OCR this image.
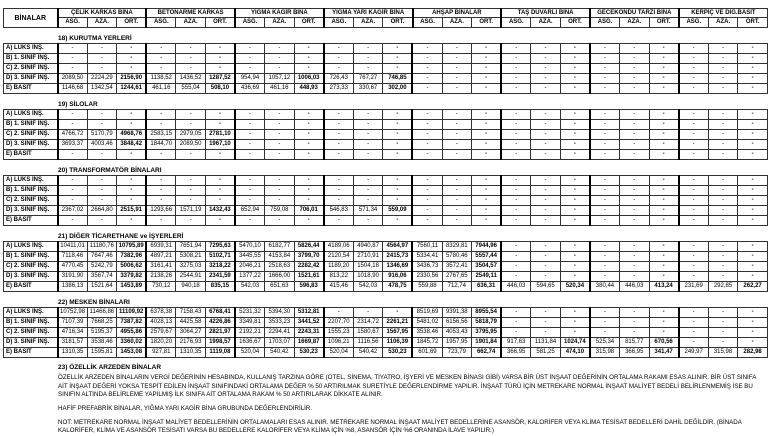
BİNALAR	ÇELİK KARKAS BİNA			BETONARME KARKAS			YIĞMA KAGİR BİNA			YIĞMA YARI KAGİR BİNA			AHŞAP BİNALAR			TAŞ DUVARLI BİNA			GECEKONDU TARZI BİNA			KERPİÇ VE DİĞ.BASİT		
	ASG.	AZA.	ORT.	ASG.	AZA.	ORT.	ASG.	AZA.	ORT.	ASG.	AZA.	ORT.	ASG.	AZA.	ORT.	ASG.	AZA.	ORT.	ASG.	AZA.	ORT.	ASG.	AZA.	ORT.
18) KURUTMA YERLERİ
A) LÜKS İNŞ.	-	-	-	-	-	-	-	-	-	-	-	-	-	-	-	-	-	-	-	-	-	-	-	-
B) 1. SINIF İNŞ.	-	-	-	-	-	-	-	-	-	-	-	-	-	-	-	-	-	-	-	-	-	-	-	-
C) 2. SINIF İNŞ.	-	-	-	-	-	-	-	-	-	-	-	-	-	-	-	-	-	-	-	-	-	-	-	-
D) 3. SINIF İNŞ.	2089,50	2224,29	2156,90	1138,52	1436,52	1287,52	954,94	1057,12	1006,03	726,43	767,27	746,85	-	-	-	-	-	-	-	-	-	-	-	-
E) BASİT	1146,68	1342,54	1244,61	461,16	555,04	508,10	436,69	461,16	448,93	273,33	330,67	302,00	-	-	-	-	-	-	-	-	-	-	-	-
19) SİLOLAR
A) LÜKS İNŞ.	-	-	-	-	-	-	-	-	-	-	-	-	-	-	-	-	-	-	-	-	-	-	-	-
B) 1. SINIF İNŞ.	-	-	-	-	-	-	-	-	-	-	-	-	-	-	-	-	-	-	-	-	-	-	-	-
C) 2. SINIF İNŞ.	4766,72	5170,79	4968,76	2583,15	2979,05	2781,10	-	-	-	-	-	-	-	-	-	-	-	-	-	-	-	-	-	-
D) 3. SINIF İNŞ.	3693,37	4003,46	3848,42	1844,70	2089,50	1967,10	-	-	-	-	-	-	-	-	-	-	-	-	-	-	-	-	-	-
E) BASİT	-	-	-	-	-	-	-	-	-	-	-	-	-	-	-	-	-	-	-	-	-	-	-	-
20) TRANSFORMATÖR BİNALARI
A) LÜKS İNŞ.	-	-	-	-	-	-	-	-	-	-	-	-	-	-	-	-	-	-	-	-	-	-	-	-
B) 1. SINIF İNŞ.	-	-	-	-	-	-	-	-	-	-	-	-	-	-	-	-	-	-	-	-	-	-	-	-
C) 2. SINIF İNŞ.	-	-	-	-	-	-	-	-	-	-	-	-	-	-	-	-	-	-	-	-	-	-	-	-
D) 3. SINIF İNŞ.	2367,02	2664,80	2515,91	1293,66	1571,19	1432,43	652,94	759,08	706,01	546,83	571,34	559,09	-	-	-	-	-	-	-	-	-	-	-	-
E) BASİT	-	-	-	-	-	-	-	-	-	-	-	-	-	-	-	-	-	-	-	-	-	-	-	-
21) DİĞER TİCARETHANE ve İŞYERLERİ
A) LÜKS İNŞ.	10411,01	11180,76	10795,89	6939,31	7651,94	7295,63	5470,10	6182,77	5826,44	4189,06	4940,87	4564,97	7560,11	8329,81	7944,96	-	-	-	-	-	-	-	-	-
B) 1. SINIF İNŞ.	7118,46	7647,46	7382,96	4897,21	5308,21	5102,71	3445,55	4153,84	3799,70	2120,54	2710,91	2415,73	5334,41	5780,46	5557,44	-	-	-	-	-	-	-	-	-
C) 2. SINIF İNŞ.	4770,45	5242,79	5006,62	3161,41	3275,03	3218,22	2046,21	2518,63	2282,42	1189,20	1504,18	1346,69	3436,73	3572,41	3504,57	-	-	-	-	-	-	-	-	-
D) 3. SINIF İNŞ.	3191,90	3567,74	3379,82	2138,26	2544,91	2341,59	1377,22	1666,00	1521,61	813,22	1018,90	916,06	2330,56	2767,65	2549,11	-	-	-	-	-	-	-	-	-
E) BASİT	1386,13	1521,64	1453,89	730,12	940,18	835,15	542,03	651,63	596,83	415,46	542,03	478,75	559,88	712,74	636,31	446,03	594,65	520,34	380,44	446,03	413,24	231,69	292,85	262,27
22) MESKEN BİNALARI
A) LÜKS İNŞ.	10752,98	11466,86	11109,92	6378,38	7158,43	6768,41	5231,32	5394,30	5312,81	-	-	-	8519,69	9391,38	8955,54	-	-	-	-	-	-	-	-	-
B) 1. SINIF İNŞ.	7107,39	7668,25	7387,82	4028,13	4425,58	4226,86	3349,81	3533,23	3441,52	2207,70	2314,72	2261,21	5481,02	6156,56	5818,79	-	-	-	-	-	-	-	-	-
C) 2. SINIF İNŞ.	4716,34	5195,37	4955,86	2579,67	3064,27	2821,97	2192,21	2294,41	2243,31	1555,23	1580,67	1567,95	3538,46	4053,43	3795,95	-	-	-	-	-	-	-	-	-
D) 3. SINIF İNŞ.	3181,57	3538,46	3360,02	1820,20	2176,93	1998,57	1636,67	1703,07	1669,87	1096,21	1116,56	1106,39	1845,72	1957,95	1901,84	917,63	1131,84	1024,74	525,34	815,77	670,56	-	-	-
E) BASİT	1310,35	1595,81	1453,08	927,81	1310,35	1119,08	520,04	540,42	530,23	520,04	540,42	530,23	601,69	723,79	662,74	366,95	581,25	474,10	315,98	366,95	341,47	249,97	315,98	282,98
23) ÖZELLİK ARZEDEN BİNALAR

ÖZELLİK ARZEDEN BİNALARIN VERGİ DEĞERİNİN HESABINDA, KULLANIŞ TARZINA GÖRE (OTEL, SİNEMA, TİYATRO, İŞYERİ VE MESKEN BİNASI GİBİ) VARSA BİR ÜST İNŞAAT DEĞERİNİN ORTALAMA RAKAMI ESAS ALINIR. BİR ÜST SINIFA AİT İNŞAAT DEĞERİ YOKSA TESPİT EDİLEN İNŞAAT SINIFINDAKİ ORTALAMA DEĞER % 50 ARTIRILMAK SURETİYLE DEĞERLENDİRME YAPILIR. İNŞAAT TÜRÜ İÇİN METREKARE NORMAL İNŞAAT MALİYET BEDELİ BELİRLENMEMİŞ İSE BU SINIFIN ALTINDA BELİRLEME YAPILMIŞ İLK SINIFA AİT ORTALAMA RAKAM % 50 ARTIRILARAK DİKKATE ALINIR.

HAFİF PREFABRİK BİNALAR, YIĞMA YARI KAGİR BİNA GRUBUNDA DEĞERLENDİRİLİR.

NOT: METREKARE NORMAL İNŞAAT MALİYET BEDELLERİNİN ORTALAMALARI ESAS ALINIR. METREKARE NORMAL İNŞAAT MALİYET BEDELLERİNE ASANSÖR, KALORİFER VEYA KLİMA TESİSAT BEDELLERİ DAHİL DEĞİLDİR. (BİNADA KALORİFER, KLİMA VE ASANSÖR TESİSATI VARSA BU BEDELLERE KALORİFER VEYA KLİMA İÇİN %8, ASANSÖR İÇİN %6 ORANINDA İLAVE YAPILIR.)
